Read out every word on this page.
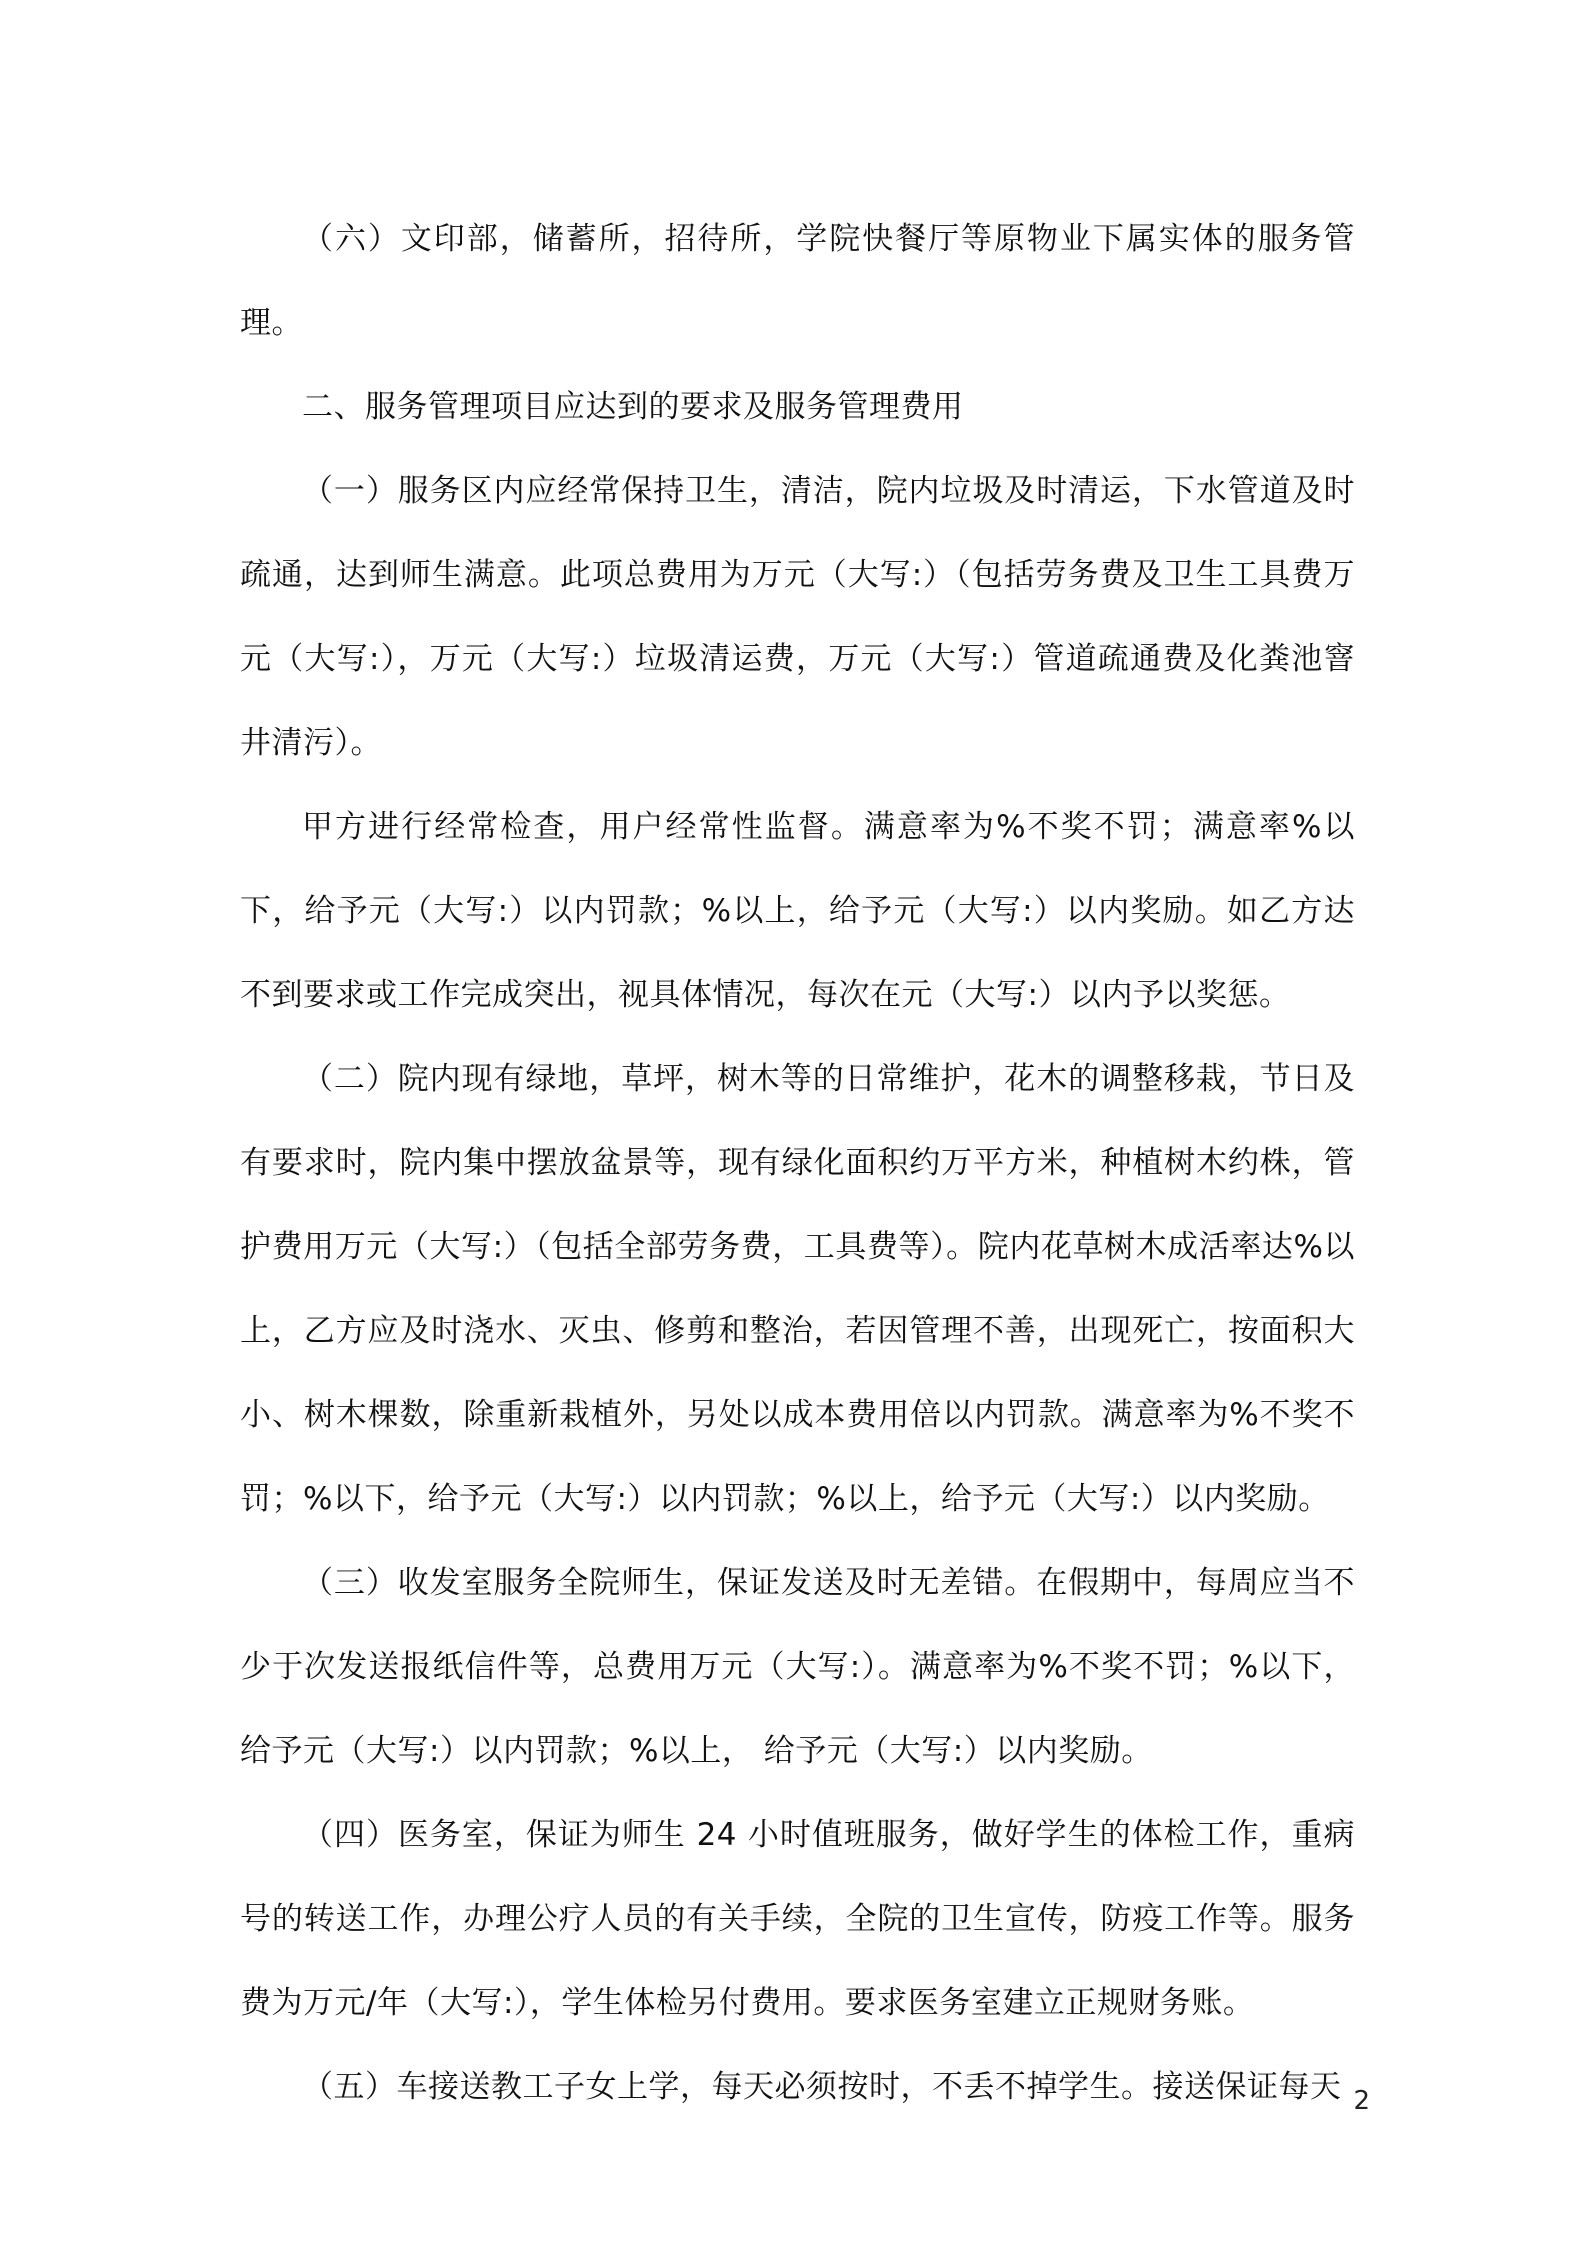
（六）文印部，储蓄所，招待所，学院快餐厅等原物业下属实体的服务管理。

二、服务管理项目应达到的要求及服务管理费用

（一）服务区内应经常保持卫生，清洁，院内垃圾及时清运，下水管道及时疏通，达到师生满意。此项总费用为万元（大写:）（包括劳务费及卫生工具费万元（大写:），万元（大写:）垃圾清运费，万元（大写:）管道疏通费及化粪池窨井清污）。

甲方进行经常检查，用户经常性监督。满意率为%不奖不罚；满意率%以下，给予元（大写:）以内罚款；%以上，给予元（大写:）以内奖励。如乙方达不到要求或工作完成突出，视具体情况，每次在元（大写:）以内予以奖惩。

（二）院内现有绿地，草坪，树木等的日常维护，花木的调整移栽，节日及有要求时，院内集中摆放盆景等，现有绿化面积约万平方米，种植树木约株，管护费用万元（大写:）（包括全部劳务费，工具费等）。院内花草树木成活率达%以上，乙方应及时浇水、灭虫、修剪和整治，若因管理不善，出现死亡，按面积大小、树木棵数，除重新栽植外，另处以成本费用倍以内罚款。满意率为%不奖不罚；%以下，给予元（大写:）以内罚款；%以上，给予元（大写:）以内奖励。

（三）收发室服务全院师生，保证发送及时无差错。在假期中，每周应当不少于次发送报纸信件等，总费用万元（大写:）。满意率为%不奖不罚；%以下，给予元（大写:）以内罚款；%以上， 给予元（大写:）以内奖励。

（四）医务室，保证为师生 24 小时值班服务，做好学生的体检工作，重病号的转送工作，办理公疗人员的有关手续，全院的卫生宣传，防疫工作等。服务费为万元/年（大写:），学生体检另付费用。要求医务室建立正规财务账。

（五）车接送教工子女上学，每天必须按时，不丢不掉学生。接送保证每天 2
